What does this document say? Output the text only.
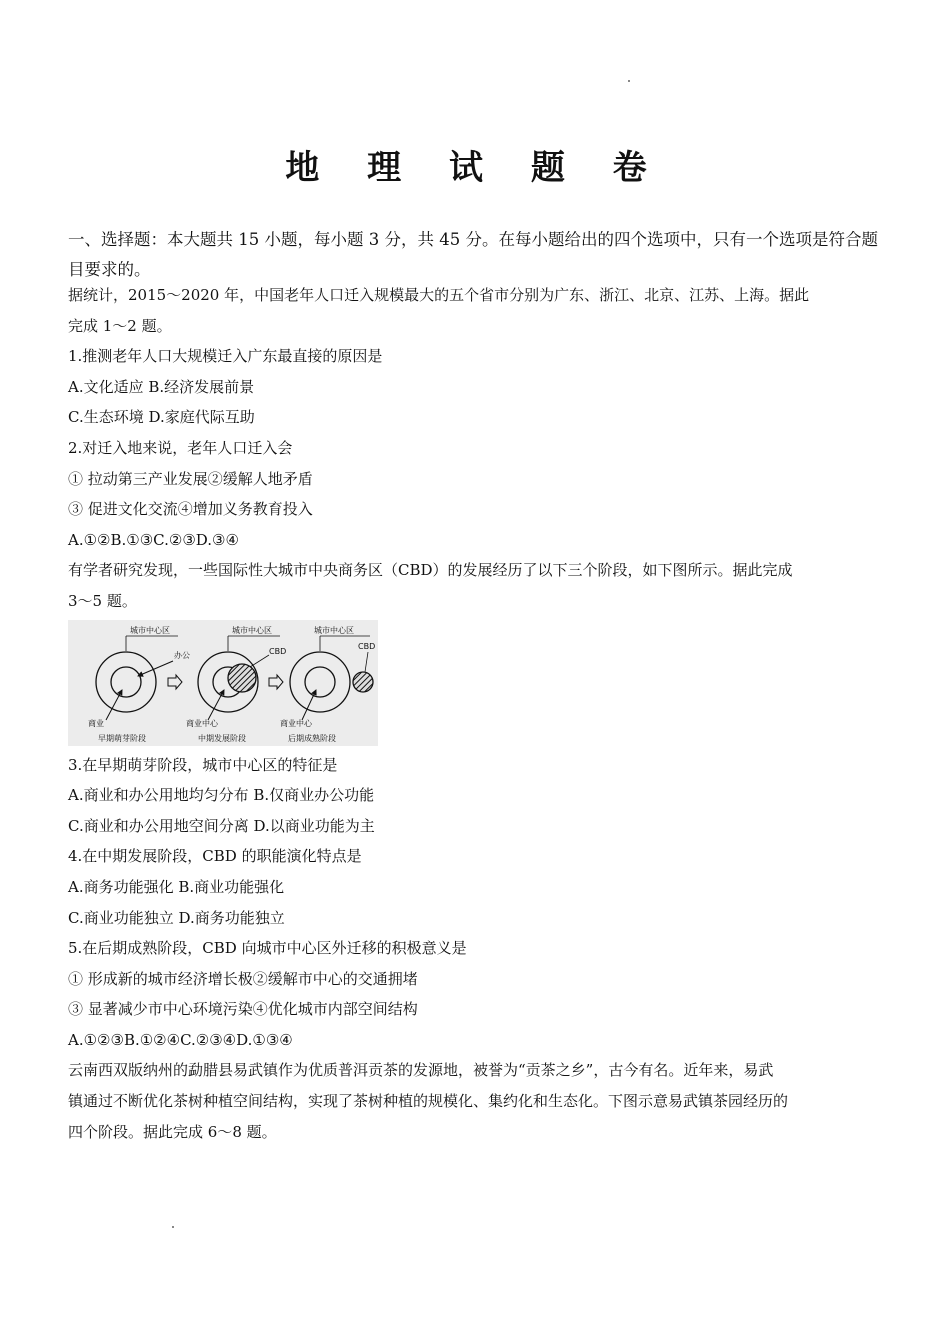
地 理 试 题 卷
一、选择题：本大题共 15 小题，每小题 3 分，共 45 分。在每小题给出的四个选项中，只有一个选项是符合题目要求的。
据统计，2015～2020 年，中国老年人口迁入规模最大的五个省市分别为广东、浙江、北京、江苏、上海。据此
完成 1～2 题。
1.推测老年人口大规模迁入广东最直接的原因是
A.文化适应 B.经济发展前景
C.生态环境 D.家庭代际互助
2.对迁入地来说，老年人口迁入会
① 拉动第三产业发展②缓解人地矛盾
③ 促进文化交流④增加义务教育投入
A.①②B.①③C.②③D.③④
有学者研究发现，一些国际性大城市中央商务区（CBD）的发展经历了以下三个阶段，如下图所示。据此完成
3～5 题。
城市中心区
办公
商业
早期萌芽阶段
城市中心区
CBD
商业中心
中期发展阶段
城市中心区
CBD
商业中心
后期成熟阶段
3.在早期萌芽阶段，城市中心区的特征是
A.商业和办公用地均匀分布 B.仅商业办公功能
C.商业和办公用地空间分离 D.以商业功能为主
4.在中期发展阶段，CBD 的职能演化特点是
A.商务功能强化 B.商业功能强化
C.商业功能独立 D.商务功能独立
5.在后期成熟阶段，CBD 向城市中心区外迁移的积极意义是
① 形成新的城市经济增长极②缓解市中心的交通拥堵
③ 显著减少市中心环境污染④优化城市内部空间结构
A.①②③B.①②④C.②③④D.①③④
云南西双版纳州的勐腊县易武镇作为优质普洱贡茶的发源地，被誉为“贡茶之乡”，古今有名。近年来，易武
镇通过不断优化茶树种植空间结构，实现了茶树种植的规模化、集约化和生态化。下图示意易武镇茶园经历的
四个阶段。据此完成 6～8 题。
